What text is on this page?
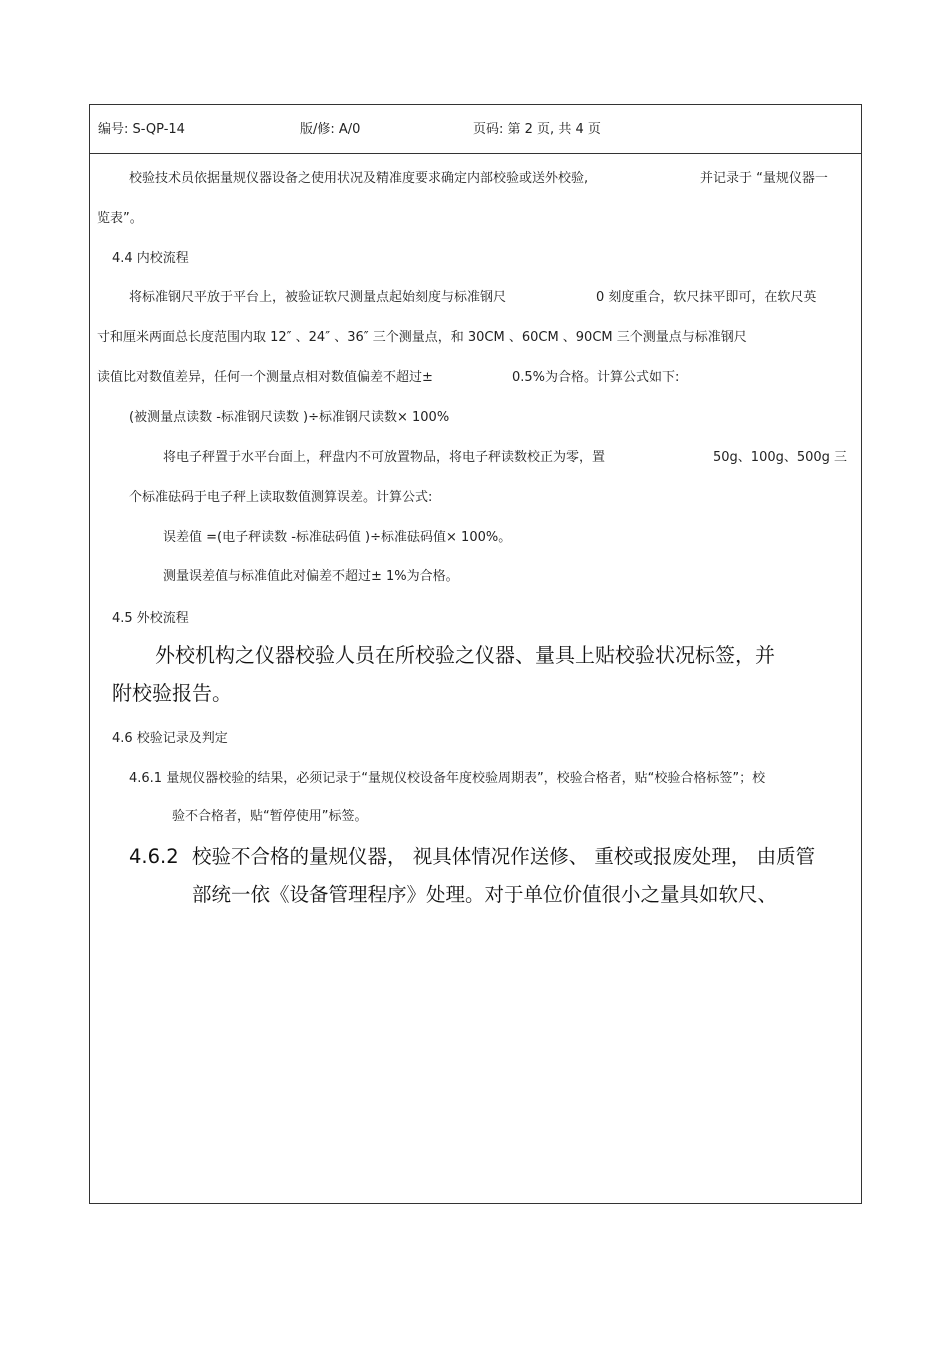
编号: S-QP-14	版/修: A/0	页码: 第 2 页, 共 4 页
校验技术员依据量规仪器设备之使用状况及精准度要求确定内部校验或送外校验,	并记录于 “量规仪器一
览表”。
4.4 内校流程
将标准钢尺平放于平台上，被验证软尺测量点起始刻度与标准钢尺	0 刻度重合，软尺抹平即可，在软尺英
寸和厘米两面总长度范围内取 12″ 、24″ 、36″ 三个测量点，和 30CM 、60CM 、90CM 三个测量点与标准钢尺
读值比对数值差异，任何一个测量点相对数值偏差不超过±	0.5%为合格。计算公式如下:
(被测量点读数 -标准钢尺读数 )÷标准钢尺读数× 100%
将电子秤置于水平台面上，秤盘内不可放置物品，将电子秤读数校正为零，置	50g、100g、500g 三
个标准砝码于电子秤上读取数值测算误差。计算公式:
误差值 =(电子秤读数 -标准砝码值 )÷标准砝码值× 100%。
测量误差值与标准值此对偏差不超过± 1%为合格。
4.5 外校流程
外校机构之仪器校验人员在所校验之仪器、量具上贴校验状况标签，并
附校验报告。
4.6 校验记录及判定
4.6.1 量规仪器校验的结果，必须记录于“量规仪校设备年度校验周期表”，校验合格者，贴“校验合格标签”；校
验不合格者，贴“暂停使用”标签。
4.6.2 校验不合格的量规仪器， 视具体情况作送修、 重校或报废处理， 由质管
部统一依《设备管理程序》处理。对于单位价值很小之量具如软尺、
